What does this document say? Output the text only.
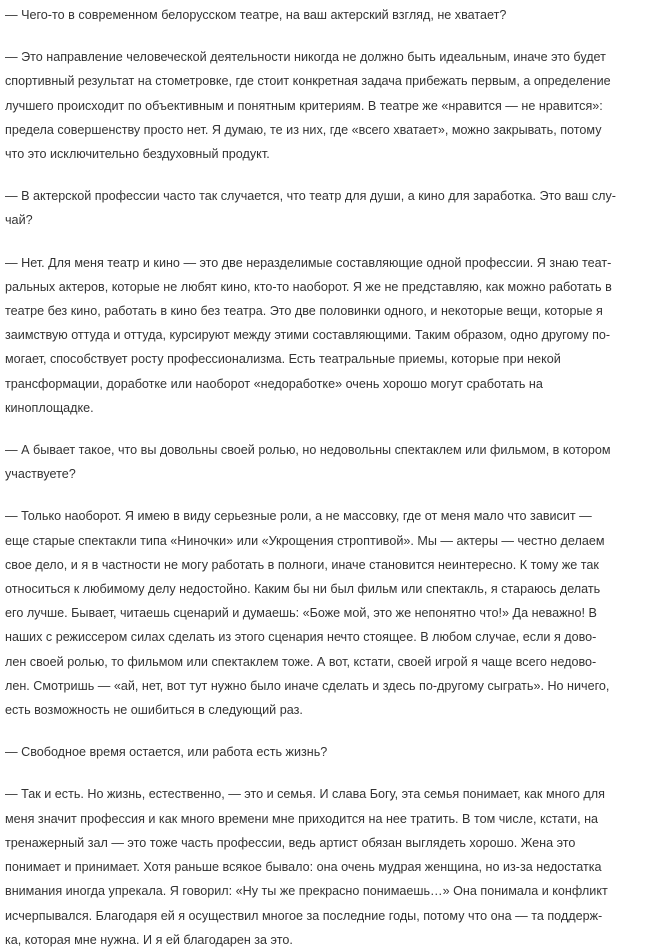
— Чего-то в современном белорусском театре, на ваш актерский взгляд, не хватает?

— Это направление человеческой деятельности никогда не должно быть идеальным, иначе это будет
спортивный результат на стометровке, где стоит конкретная задача прибежать первым, а определение
лучшего происходит по объективным и понятным критериям. В театре же «нравится — не нравится»:
предела совершенству просто нет. Я думаю, те из них, где «всего хватает», можно закрывать, потому
что это исключительно бездуховный продукт.

— В актерской профессии часто так случается, что театр для души, а кино для заработка. Это ваш слу-
чай?

— Нет. Для меня театр и кино — это две неразделимые составляющие одной профессии. Я знаю теат-
ральных актеров, которые не любят кино, кто-то наоборот. Я же не представляю, как можно работать в
театре без кино, работать в кино без театра. Это две половинки одного, и некоторые вещи, которые я
заимствую оттуда и оттуда, курсируют между этими составляющими. Таким образом, одно другому по-
могает, способствует росту профессионализма. Есть театральные приемы, которые при некой
трансформации, доработке или наоборот «недоработке» очень хорошо могут сработать на
киноплощадке.

— А бывает такое, что вы довольны своей ролью, но недовольны спектаклем или фильмом, в котором
участвуете?

— Только наоборот. Я имею в виду серьезные роли, а не массовку, где от меня мало что зависит —
еще старые спектакли типа «Ниночки» или «Укрощения строптивой». Мы — актеры — честно делаем
свое дело, и я в частности не могу работать в полноги, иначе становится неинтересно. К тому же так
относиться к любимому делу недостойно. Каким бы ни был фильм или спектакль, я стараюсь делать
его лучше. Бывает, читаешь сценарий и думаешь: «Боже мой, это же непонятно что!» Да неважно! В
наших с режиссером силах сделать из этого сценария нечто стоящее. В любом случае, если я дово-
лен своей ролью, то фильмом или спектаклем тоже. А вот, кстати, своей игрой я чаще всего недово-
лен. Смотришь — «ай, нет, вот тут нужно было иначе сделать и здесь по-другому сыграть». Но ничего,
есть возможность не ошибиться в следующий раз.

— Свободное время остается, или работа есть жизнь?

— Так и есть. Но жизнь, естественно, — это и семья. И слава Богу, эта семья понимает, как много для
меня значит профессия и как много времени мне приходится на нее тратить. В том числе, кстати, на
тренажерный зал — это тоже часть профессии, ведь артист обязан выглядеть хорошо. Жена это
понимает и принимает. Хотя раньше всякое бывало: она очень мудрая женщина, но из-за недостатка
внимания иногда упрекала. Я говорил: «Ну ты же прекрасно понимаешь…» Она понимала и конфликт
исчерпывался. Благодаря ей я осуществил многое за последние годы, потому что она — та поддерж-
ка, которая мне нужна. И я ей благодарен за это.
